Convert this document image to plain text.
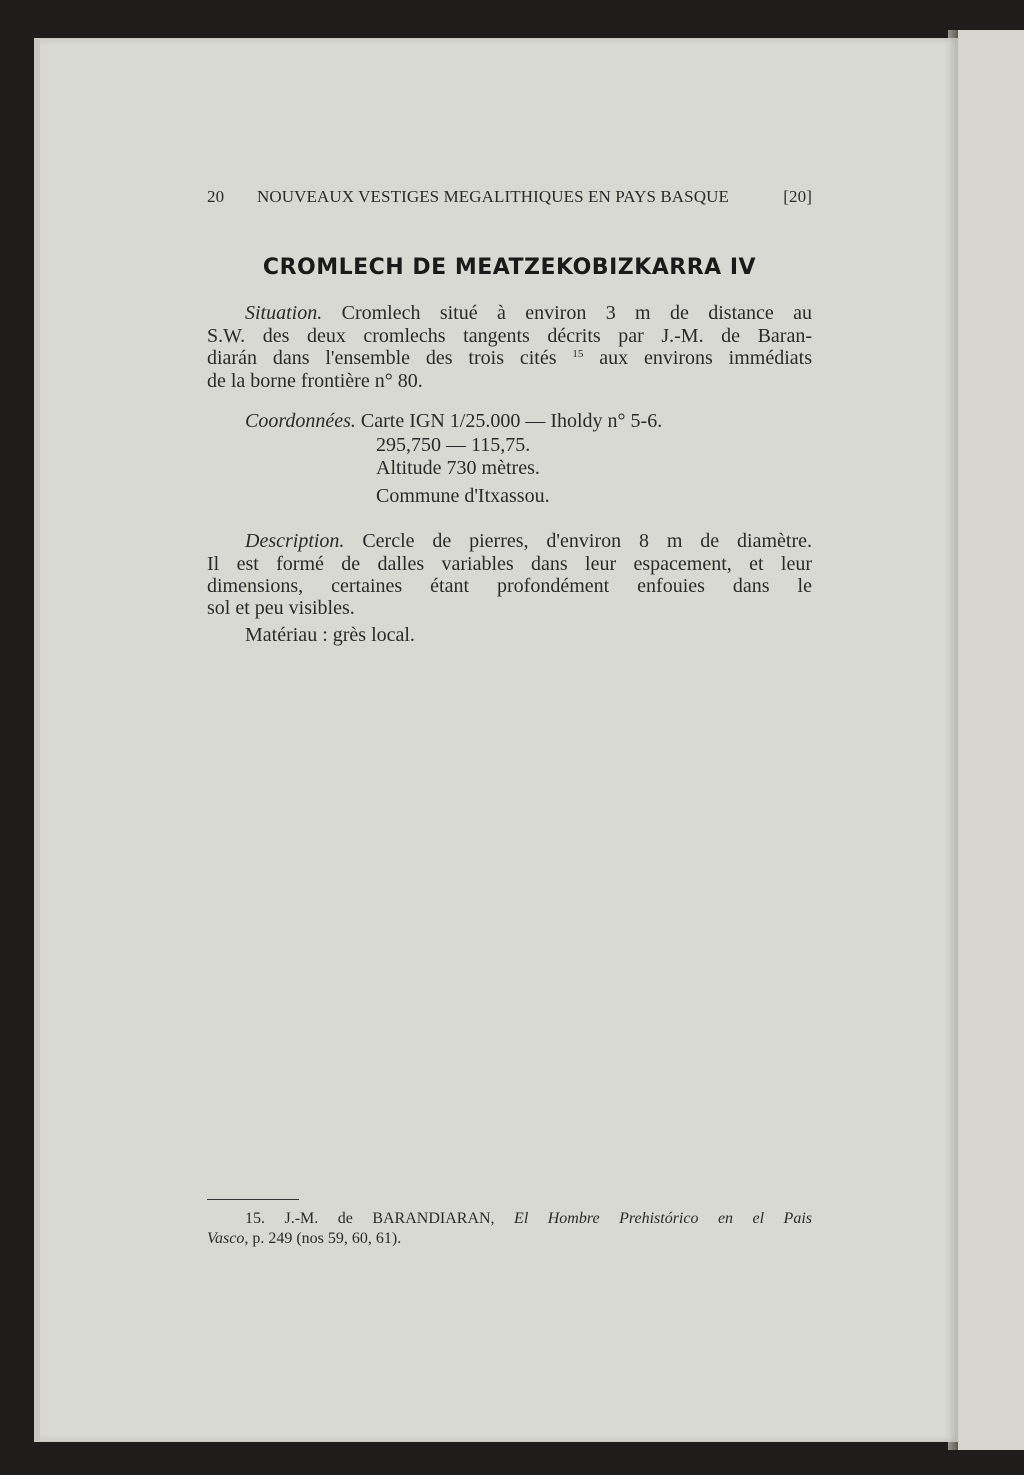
20 NOUVEAUX VESTIGES MEGALITHIQUES EN PAYS BASQUE	[20]
CROMLECH DE MEATZEKOBIZKARRA IV
Situation. Cromlech situé à environ 3 m de distance au
S.W. des deux cromlechs tangents décrits par J.-M. de Baran-
diarán dans l'ensemble des trois cités $^{15}$ aux environs immédiats
de la borne frontière n° 80.
Coordonnées. Carte IGN 1/25.000 — Iholdy n° 5-6.
295,750 — 115,75.
Altitude 730 mètres.
Commune d'Itxassou.
Description. Cercle de pierres, d'environ 8 m de diamètre.
Il est formé de dalles variables dans leur espacement, et leur
dimensions, certaines étant profondément enfouies dans le
sol et peu visibles.
Matériau : grès local.
15. J.-M. de BARANDIARAN, El Hombre Prehistórico en el Pais
Vasco, p. 249 (nos 59, 60, 61).
